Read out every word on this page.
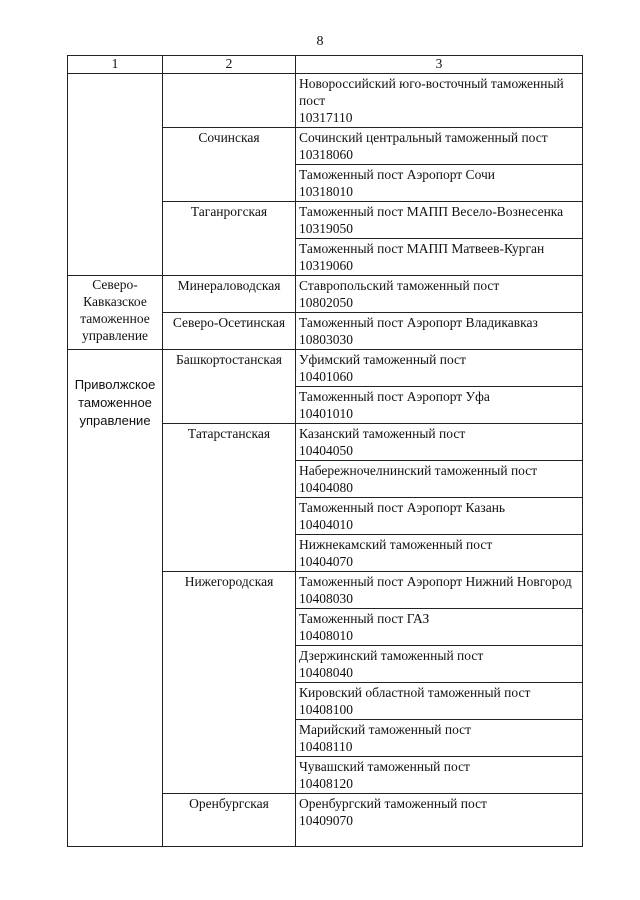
8
1	2	3

		Новороссийский юго-восточный таможенный пост
10317110

	Сочинская	Сочинский центральный таможенный пост
10318060

		Таможенный пост Аэропорт Сочи
10318010

	Таганрогская	Таможенный пост МАПП Весело-Вознесенка
10319050

		Таможенный пост МАПП Матвеев-Курган
10319060

Северо-
Кавказское
таможенное
управление	Минераловодская	Ставропольский таможенный пост
10802050

	Северо-Осетинская	Таможенный пост Аэропорт Владикавказ
10803030

Приволжское
таможенное
управление	Башкортостанская	Уфимский таможенный пост
10401060

		Таможенный пост Аэропорт Уфа
10401010

	Татарстанская	Казанский таможенный пост
10404050

		Набережночелнинский таможенный пост
10404080

		Таможенный пост Аэропорт Казань
10404010

		Нижнекамский таможенный пост
10404070

	Нижегородская	Таможенный пост Аэропорт Нижний Новгород
10408030

		Таможенный пост ГАЗ
10408010

		Дзержинский таможенный пост
10408040

		Кировский областной таможенный пост
10408100

		Марийский таможенный пост
10408110

		Чувашский таможенный пост
10408120

	Оренбургская	Оренбургский таможенный пост
10409070
